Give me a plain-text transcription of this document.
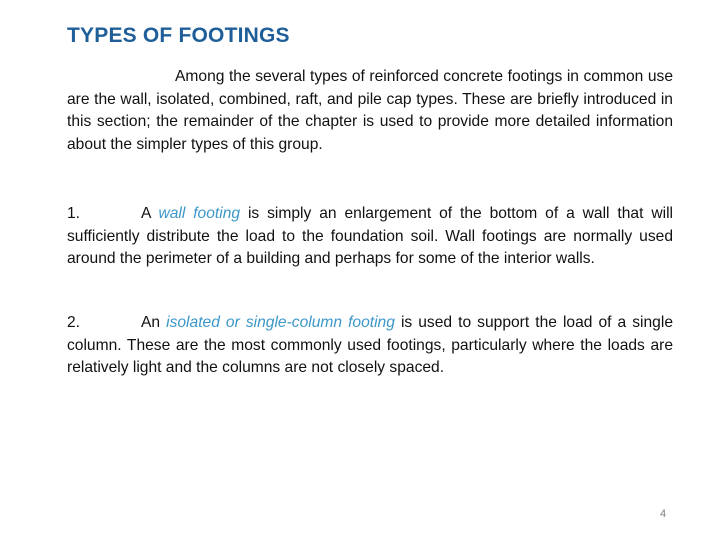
TYPES OF FOOTINGS

Among the several types of reinforced concrete footings in common use are the wall, isolated, combined, raft, and pile cap types. These are briefly introduced in this section; the remainder of the chapter is used to provide more detailed information about the simpler types of this group.

1.	A wall footing is simply an enlargement of the bottom of a wall that will sufficiently distribute the load to the foundation soil. Wall footings are normally used around the perimeter of a building and perhaps for some of the interior walls.

2.	An isolated or single-column footing is used to support the load of a single column. These are the most commonly used footings, particularly where the loads are relatively light and the columns are not closely spaced.

4
